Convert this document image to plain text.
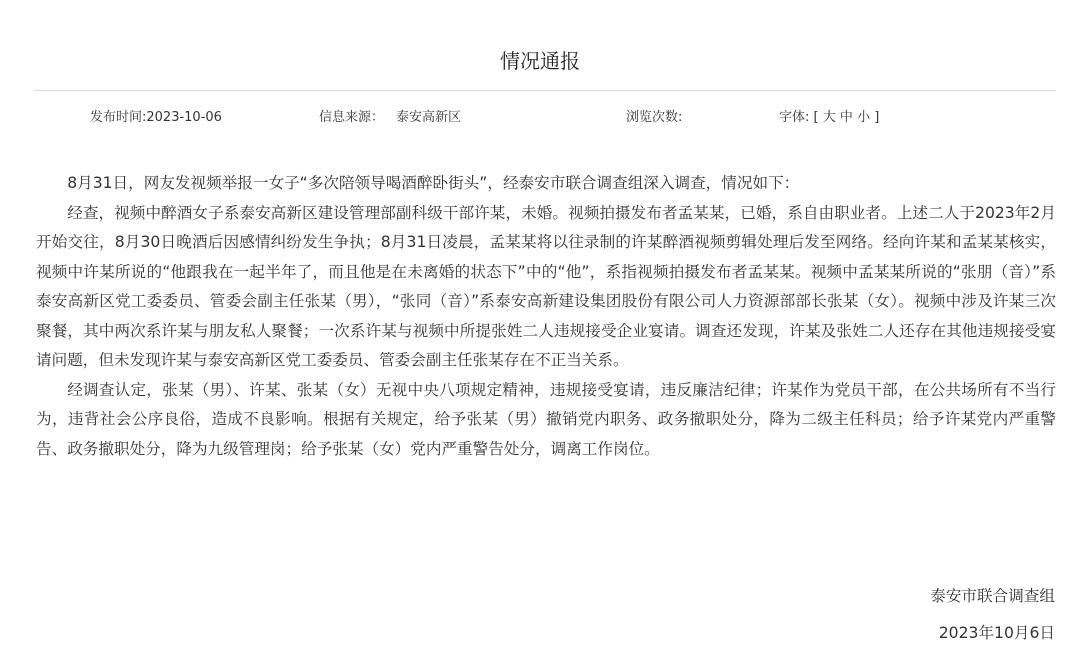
情况通报
发布时间:2023-10-06	信息来源： 泰安高新区	浏览次数:	字体: [ 大 中 小 ]

8月31日，网友发视频举报一女子“多次陪领导喝酒醉卧街头”，经泰安市联合调查组深入调查，情况如下：

经查，视频中醉酒女子系泰安高新区建设管理部副科级干部许某，未婚。视频拍摄发布者孟某某，已婚，系自由职业者。上述二人于2023年2月开始交往，8月30日晚酒后因感情纠纷发生争执；8月31日凌晨，孟某某将以往录制的许某醉酒视频剪辑处理后发至网络。经向许某和孟某某核实，视频中许某所说的“他跟我在一起半年了，而且他是在未离婚的状态下”中的“他”，系指视频拍摄发布者孟某某。视频中孟某某所说的“张朋（音）”系泰安高新区党工委委员、管委会副主任张某（男），“张同（音）”系泰安高新建设集团股份有限公司人力资源部部长张某（女）。视频中涉及许某三次聚餐，其中两次系许某与朋友私人聚餐；一次系许某与视频中所提张姓二人违规接受企业宴请。调查还发现，许某及张姓二人还存在其他违规接受宴请问题，但未发现许某与泰安高新区党工委委员、管委会副主任张某存在不正当关系。

经调查认定，张某（男）、许某、张某（女）无视中央八项规定精神，违规接受宴请，违反廉洁纪律；许某作为党员干部，在公共场所有不当行为，违背社会公序良俗，造成不良影响。根据有关规定，给予张某（男）撤销党内职务、政务撤职处分，降为二级主任科员；给予许某党内严重警告、政务撤职处分，降为九级管理岗；给予张某（女）党内严重警告处分，调离工作岗位。

泰安市联合调查组
2023年10月6日
